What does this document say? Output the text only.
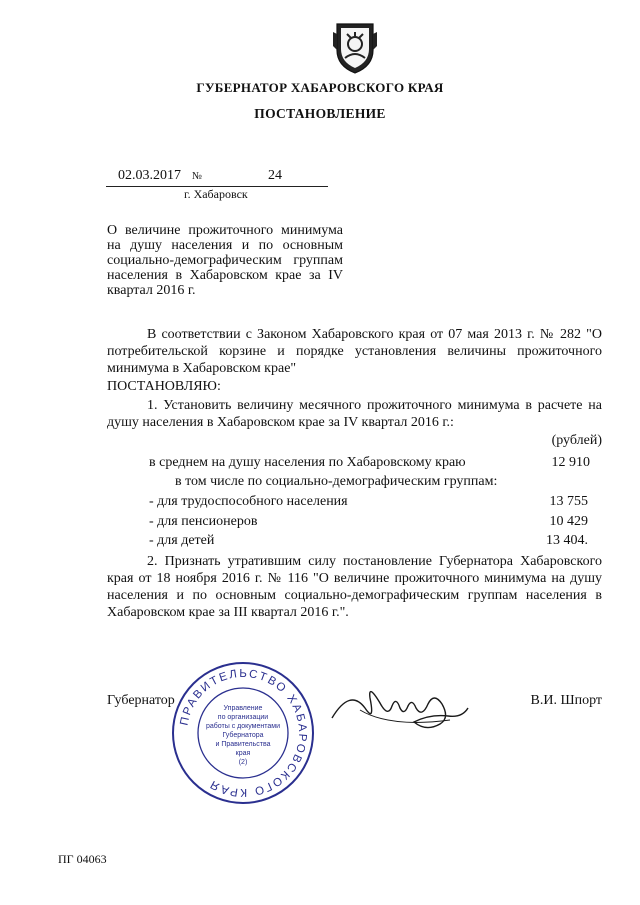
ГУБЕРНАТОР ХАБАРОВСКОГО КРАЯ
ПОСТАНОВЛЕНИЕ
02.03.2017 №	24
г. Хабаровск
О величине прожиточного минимума на душу населения и по основным социально-демографическим группам населения в Хабаровском крае за IV квартал 2016 г.
В соответствии с Законом Хабаровского края от 07 мая 2013 г. № 282 "О потребительской корзине и порядке установления величины прожиточного минимума в Хабаровском крае"
ПОСТАНОВЛЯЮ:
1. Установить величину месячного прожиточного минимума в расчете на душу населения в Хабаровском крае за IV квартал 2016 г.:
(рублей)
в среднем на душу населения по Хабаровскому краю	12 910
в том числе по социально-демографическим группам:
- для трудоспособного населения	13 755
- для пенсионеров	10 429
- для детей	13 404.
2. Признать утратившим силу постановление Губернатора Хабаровского края от 18 ноября 2016 г. № 116 "О величине прожиточного минимума на душу населения и по основным социально-демографическим группам населения в Хабаровском крае за III квартал 2016 г.".
ПРАВИТЕЛЬСТВО ХАБАРОВСКОГО КРАЯ
Управление
по организации
работы с документами
Губернатора
и Правительства
края
(2)
Губернатор	В.И. Шпорт
ПГ 04063
